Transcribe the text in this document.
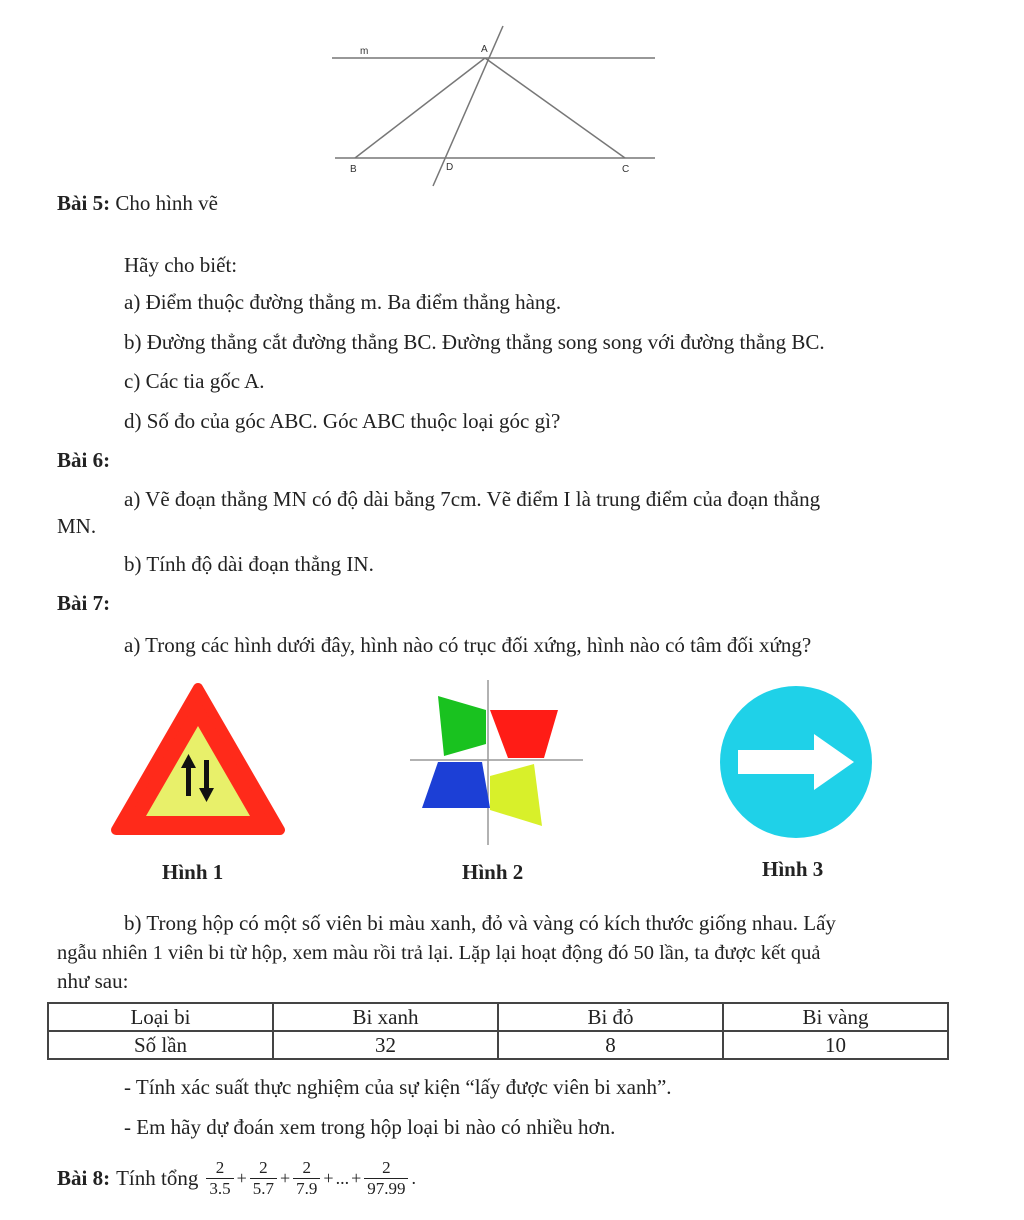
m	A
B	D	C
Bài 5: Cho hình vẽ
Hãy cho biết:
a) Điểm thuộc đường thẳng m. Ba điểm thẳng hàng.
b) Đường thẳng cắt đường thẳng BC. Đường thẳng song song với đường thẳng BC.
c) Các tia gốc A.
d) Số đo của góc ABC. Góc ABC thuộc loại góc gì?
Bài 6:
a) Vẽ đoạn thẳng MN có độ dài bằng 7cm. Vẽ điểm I là trung điểm của đoạn thẳng
MN.
b) Tính độ dài đoạn thẳng IN.
Bài 7:
a) Trong các hình dưới đây, hình nào có trục đối xứng, hình nào có tâm đối xứng?
Hình 1	Hình 2	Hình 3
b) Trong hộp có một số viên bi màu xanh, đỏ và vàng có kích thước giống nhau. Lấy
ngẫu nhiên 1 viên bi từ hộp, xem màu rồi trả lại. Lặp lại hoạt động đó 50 lần, ta được kết quả
như sau:
Loại bi	Bi xanh	Bi đỏ	Bi vàng
Số lần	32	8	10
- Tính xác suất thực nghiệm của sự kiện “lấy được viên bi xanh”.
- Em hãy dự đoán xem trong hộp loại bi nào có nhiều hơn.
Bài 8: Tính tổng $\frac{2}{3.5} + \frac{2}{5.7} + \frac{2}{7.9}$ + ... + $\frac{2}{97.99}$ .
